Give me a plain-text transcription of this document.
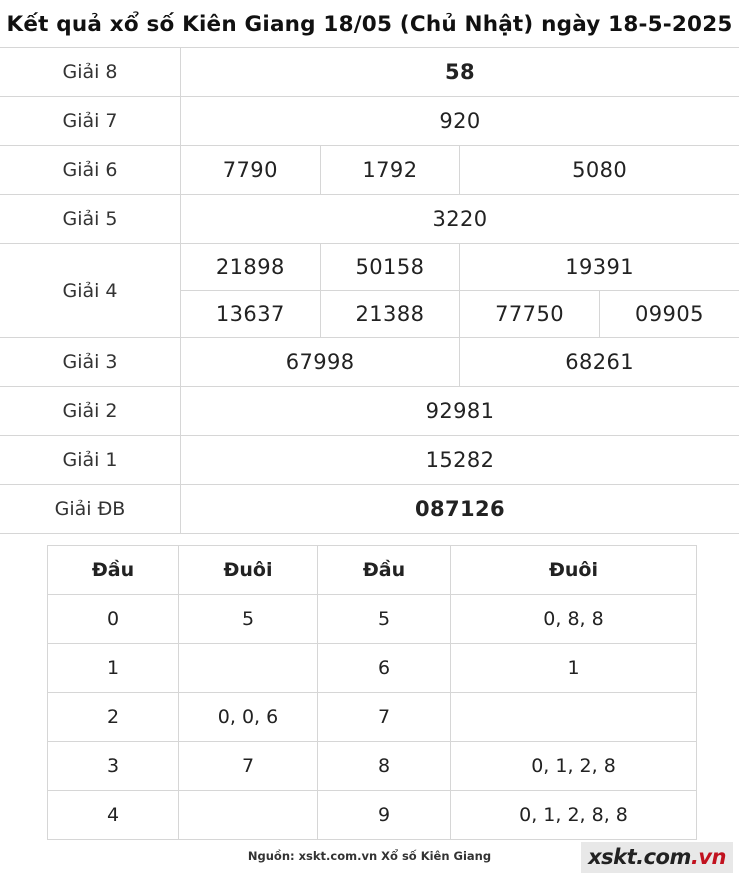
Kết quả xổ số Kiên Giang 18/05 (Chủ Nhật) ngày 18-5-2025
Giải 8	58			
Giải 7	920			
Giải 6	7790	1792	5080	
Giải 5	3220			
Giải 4	21898	50158	19391	
	13637	21388	77750	09905
Giải 3	67998		68261	
Giải 2	92981			
Giải 1	15282			
Giải ĐB	087126			
Đầu	Đuôi	Đầu	Đuôi
0	5	5	0, 8, 8
1		6	1
2	0, 0, 6	7	
3	7	8	0, 1, 2, 8
4		9	0, 1, 2, 8, 8
Nguồn: xskt.com.vn Xổ số Kiên Giang	xskt.com.vn
